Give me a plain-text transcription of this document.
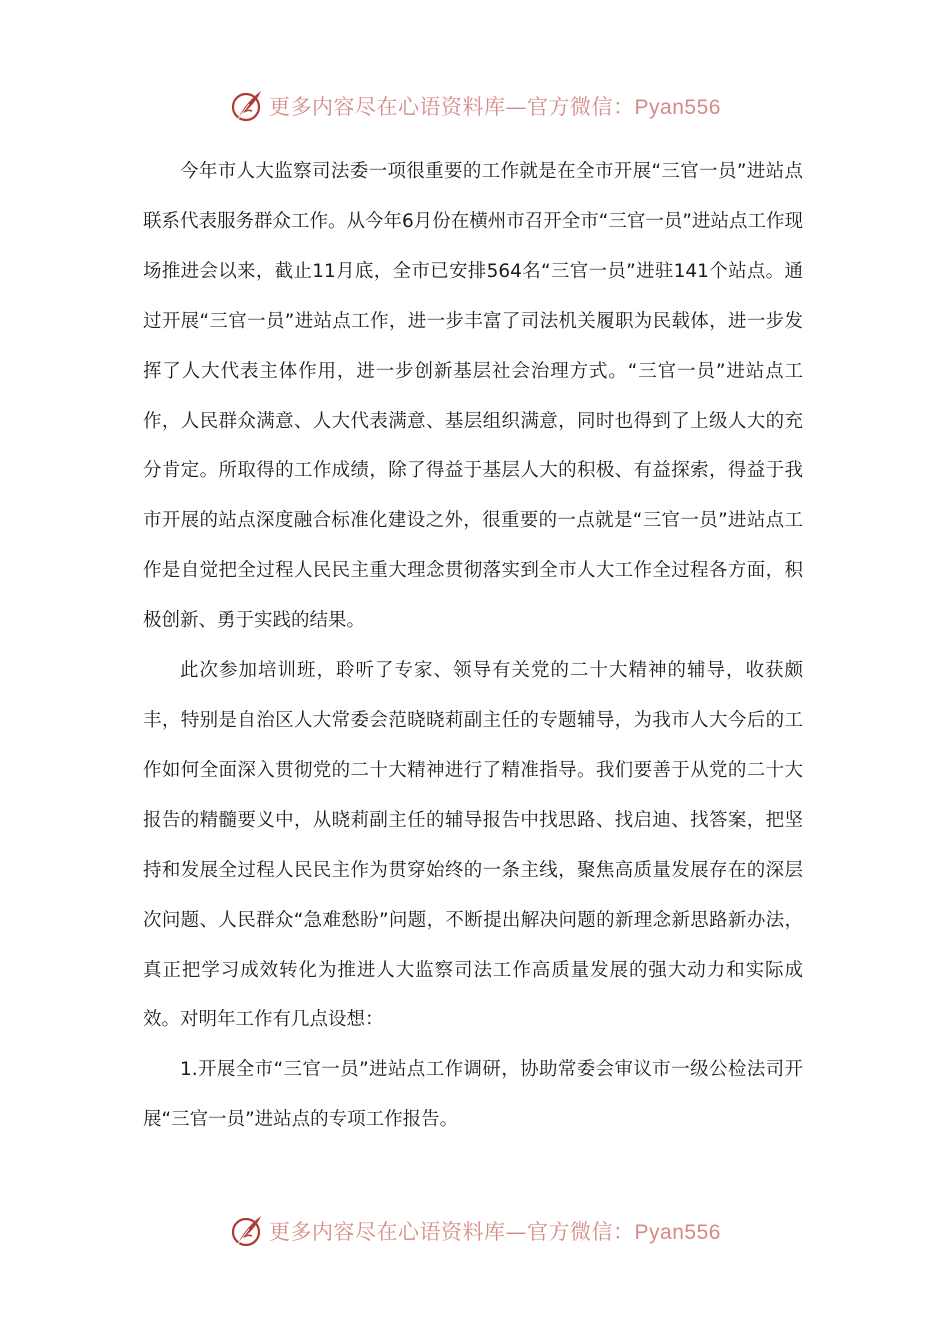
更多内容尽在心语资料库—官方微信：Pyan556

今年市人大监察司法委一项很重要的工作就是在全市开展“三官一员”进站点联系代表服务群众工作。从今年6月份在横州市召开全市“三官一员”进站点工作现场推进会以来，截止11月底，全市已安排564名“三官一员”进驻141个站点。通过开展“三官一员”进站点工作，进一步丰富了司法机关履职为民载体，进一步发挥了人大代表主体作用，进一步创新基层社会治理方式。“三官一员”进站点工作，人民群众满意、人大代表满意、基层组织满意，同时也得到了上级人大的充分肯定。所取得的工作成绩，除了得益于基层人大的积极、有益探索，得益于我市开展的站点深度融合标准化建设之外，很重要的一点就是“三官一员”进站点工作是自觉把全过程人民民主重大理念贯彻落实到全市人大工作全过程各方面，积极创新、勇于实践的结果。

此次参加培训班，聆听了专家、领导有关党的二十大精神的辅导，收获颇丰，特别是自治区人大常委会范晓晓莉副主任的专题辅导，为我市人大今后的工作如何全面深入贯彻党的二十大精神进行了精准指导。我们要善于从党的二十大报告的精髓要义中，从晓莉副主任的辅导报告中找思路、找启迪、找答案，把坚持和发展全过程人民民主作为贯穿始终的一条主线，聚焦高质量发展存在的深层次问题、人民群众“急难愁盼”问题，不断提出解决问题的新理念新思路新办法，真正把学习成效转化为推进人大监察司法工作高质量发展的强大动力和实际成效。对明年工作有几点设想：

1.开展全市“三官一员”进站点工作调研，协助常委会审议市一级公检法司开展“三官一员”进站点的专项工作报告。

更多内容尽在心语资料库—官方微信：Pyan556
